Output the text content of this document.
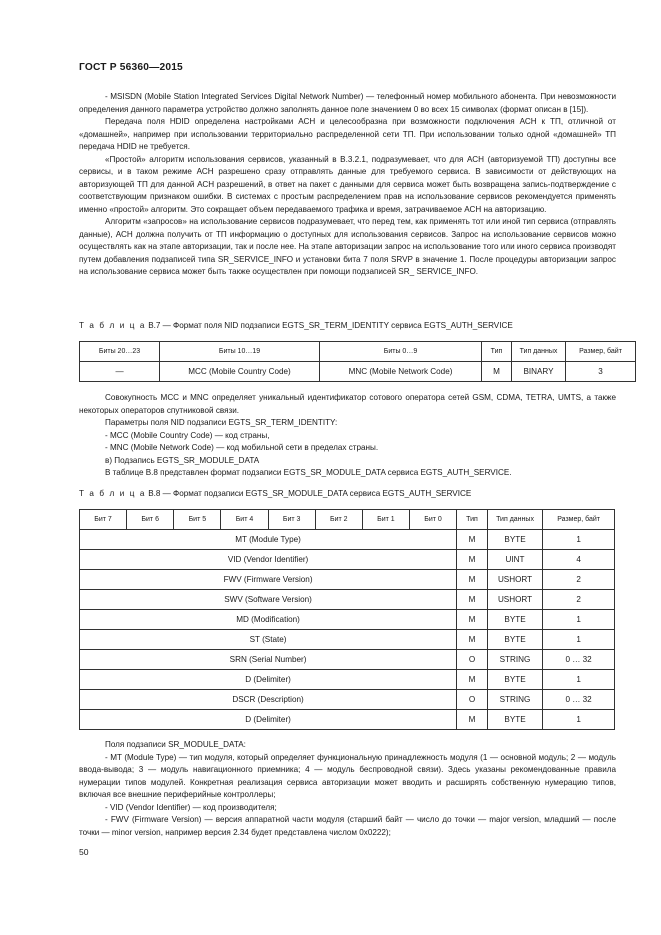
ГОСТ Р 56360—2015

- MSISDN (Mobile Station Integrated Services Digital Network Number) — телефонный номер мобильного абонента. При невозможности определения данного параметра устройство должно заполнять данное поле значением 0 во всех 15 символах (формат описан в [15]).

Передача поля HDID определена настройками АСН и целесообразна при возможности подключения АСН к ТП, отличной от «домашней», например при использовании территориально распределенной сети ТП. При использовании только одной «домашней» ТП передача HDID не требуется.

«Простой» алгоритм использования сервисов, указанный в В.3.2.1, подразумевает, что для АСН (авторизуемой ТП) доступны все сервисы, и в таком режиме АСН разрешено сразу отправлять данные для требуемого сервиса. В зависимости от действующих на авторизующей ТП для данной АСН разрешений, в ответ на пакет с данными для сервиса может быть возвращена запись-подтверждение с соответствующим признаком ошибки. В системах с простым распределением прав на использование сервисов рекомендуется применять именно «простой» алгоритм. Это сокращает объем передаваемого трафика и время, затрачиваемое АСН на авторизацию.

Алгоритм «запросов» на использование сервисов подразумевает, что перед тем, как применять тот или иной тип сервиса (отправлять данные), АСН должна получить от ТП информацию о доступных для использования сервисов. Запрос на использование сервисов можно осуществлять как на этапе авторизации, так и после нее. На этапе авторизации запрос на использование того или иного сервиса производят путем добавления подзаписей типа SR_SERVICE_INFO и установки бита 7 поля SRVP в значение 1. После процедуры авторизации запрос на использование сервиса может быть также осуществлен при помощи подзаписей SR_ SERVICE_INFO.

Т а б л и ц а В.7 — Формат поля NID подзаписи EGTS_SR_TERM_IDENTITY сервиса EGTS_AUTH_SERVICE
Биты 20…23	Биты 10…19	Биты 0…9	Тип	Тип данных	Размер, байт
—	MCC (Mobile Country Code)	MNC (Mobile Network Code)	M	BINARY	3

Совокупность MCC и MNC определяет уникальный идентификатор сотового оператора сетей GSM, CDMA, TETRA, UMTS, а также некоторых операторов спутниковой связи.

Параметры поля NID подзаписи EGTS_SR_TERM_IDENTITY:

- MCC (Mobile Country Code) — код страны,

- MNC (Mobile Network Code) — код мобильной сети в пределах страны.

в) Подзапись EGTS_SR_MODULE_DATA

В таблице В.8 представлен формат подзаписи EGTS_SR_MODULE_DATA сервиса EGTS_AUTH_SERVICE.

Т а б л и ц а В.8 — Формат подзаписи EGTS_SR_MODULE_DATA сервиса EGTS_AUTH_SERVICE
Бит 7	Бит 6	Бит 5	Бит 4	Бит 3	Бит 2	Бит 1	Бит 0	Тип	Тип данных	Размер, байт
MT (Module Type)								M	BYTE	1
VID (Vendor Identifier)								M	UINT	4
FWV (Firmware Version)								M	USHORT	2
SWV (Software Version)								M	USHORT	2
MD (Modification)								M	BYTE	1
ST (State)								M	BYTE	1
SRN (Serial Number)								O	STRING	0 … 32
D (Delimiter)								M	BYTE	1
DSCR (Description)								O	STRING	0 … 32
D (Delimiter)								M	BYTE	1

Поля подзаписи SR_MODULE_DATA:

- MT (Module Type) — тип модуля, который определяет функциональную принадлежность модуля (1 — основной модуль; 2 — модуль ввода-вывода; 3 — модуль навигационного приемника; 4 — модуль беспроводной связи). Здесь указаны рекомендованные правила нумерации типов модулей. Конкретная реализация сервиса авторизации может вводить и расширять собственную нумерацию типов, включая все внешние периферийные контроллеры;

- VID (Vendor Identifier) — код производителя;

- FWV (Firmware Version) — версия аппаратной части модуля (старший байт — число до точки — major version, младший — после точки — minor version, например версия 2.34 будет представлена числом 0x0222);

50
